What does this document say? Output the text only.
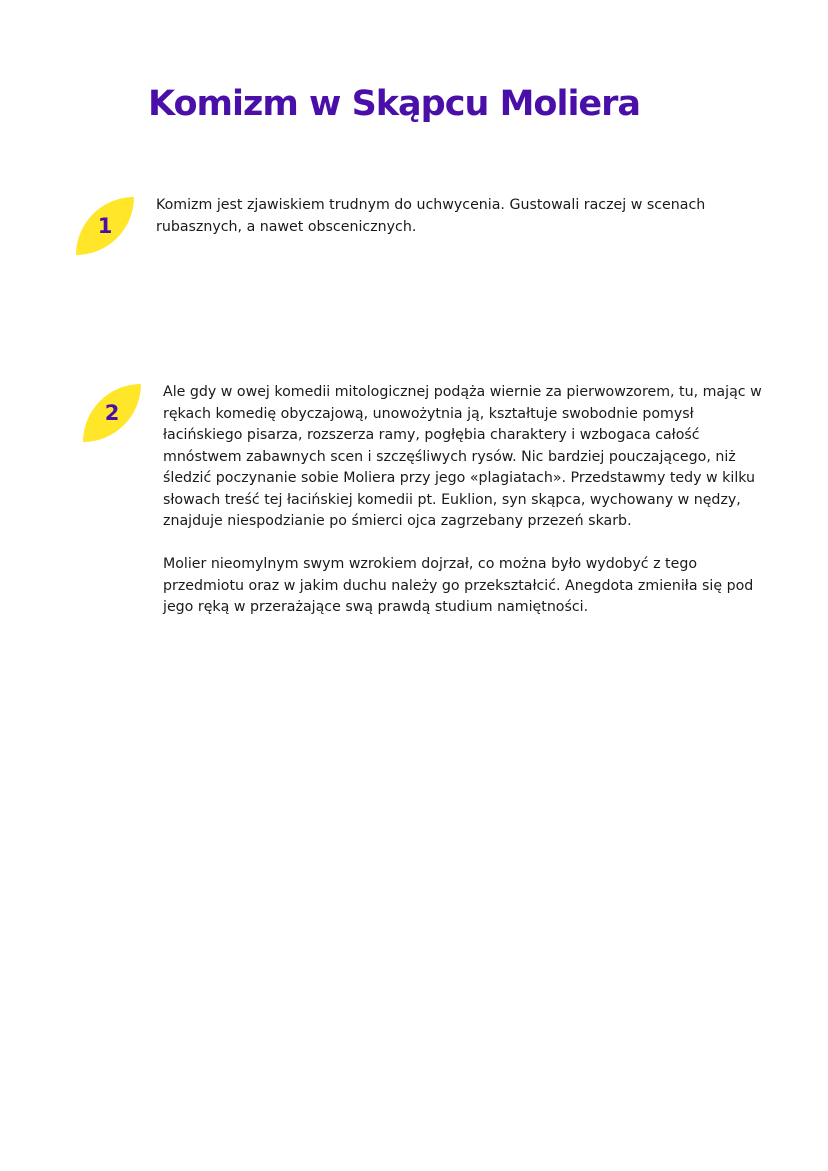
Komizm w Skąpcu Moliera
1

Komizm jest zjawiskiem trudnym do uchwycenia. Gustowali raczej w scenach rubasznych, a nawet obscenicznych.

2

Ale gdy w owej komedii mitologicznej podąża wiernie za pierwowzorem, tu, mając w rękach komedię obyczajową, unowożytnia ją, kształtuje swobodnie pomysł łacińskiego pisarza, rozszerza ramy, pogłębia charaktery i wzbogaca całość mnóstwem zabawnych scen i szczęśliwych rysów. Nic bardziej pouczającego, niż śledzić poczynanie sobie Moliera przy jego «plagiatach». Przedstawmy tedy w kilku słowach treść tej łacińskiej komedii pt. Euklion, syn skąpca, wychowany w nędzy, znajduje niespodzianie po śmierci ojca zagrzebany przezeń skarb.

Molier nieomylnym swym wzrokiem dojrzał, co można było wydobyć z tego przedmiotu oraz w jakim duchu należy go przekształcić. Anegdota zmieniła się pod jego ręką w przerażające swą prawdą studium namiętności.
